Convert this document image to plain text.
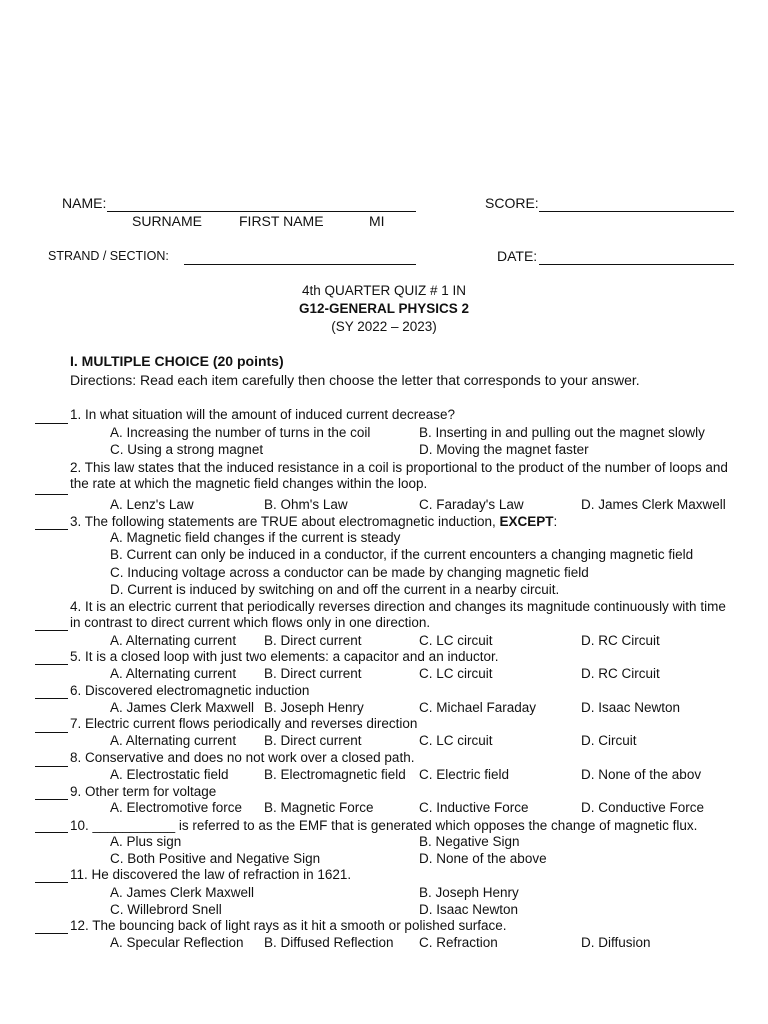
NAME:	SCORE:
SURNAME	FIRST NAME	MI
STRAND / SECTION:	DATE:
4th QUARTER QUIZ # 1 IN
G12-GENERAL PHYSICS 2
(SY 2022 – 2023)
I. MULTIPLE CHOICE (20 points)
Directions: Read each item carefully then choose the letter that corresponds to your answer.
1. In what situation will the amount of induced current decrease?
A. Increasing the number of turns in the coil	B. Inserting in and pulling out the magnet slowly
C. Using a strong magnet	D. Moving the magnet faster
2. This law states that the induced resistance in a coil is proportional to the product of the number of loops and
the rate at which the magnetic field changes within the loop.
A. Lenz's Law	B. Ohm's Law	C. Faraday's Law	D. James Clerk Maxwell
3. The following statements are TRUE about electromagnetic induction, EXCEPT:
A. Magnetic field changes if the current is steady
B. Current can only be induced in a conductor, if the current encounters a changing magnetic field
C. Inducing voltage across a conductor can be made by changing magnetic field
D. Current is induced by switching on and off the current in a nearby circuit.
4. It is an electric current that periodically reverses direction and changes its magnitude continuously with time
in contrast to direct current which flows only in one direction.
A. Alternating current B. Direct current	C. LC circuit	D. RC Circuit
5. It is a closed loop with just two elements: a capacitor and an inductor.
A. Alternating current B. Direct current	C. LC circuit	D. RC Circuit
6. Discovered electromagnetic induction
A. James Clerk Maxwell B. Joseph Henry	C. Michael Faraday	D. Isaac Newton
7. Electric current flows periodically and reverses direction
A. Alternating current B. Direct current	C. LC circuit	D. Circuit
8. Conservative and does no not work over a closed path.
A. Electrostatic field	B. Electromagnetic field C. Electric field	D. None of the abov
9. Other term for voltage
A. Electromotive force B. Magnetic Force	C. Inductive Force	D. Conductive Force
10. ___________ is referred to as the EMF that is generated which opposes the change of magnetic flux.
A. Plus sign	B. Negative Sign
C. Both Positive and Negative Sign	D. None of the above
11. He discovered the law of refraction in 1621.
A. James Clerk Maxwell	B. Joseph Henry
C. Willebrord Snell	D. Isaac Newton
12. The bouncing back of light rays as it hit a smooth or polished surface.
A. Specular Reflection B. Diffused Reflection C. Refraction	D. Diffusion
